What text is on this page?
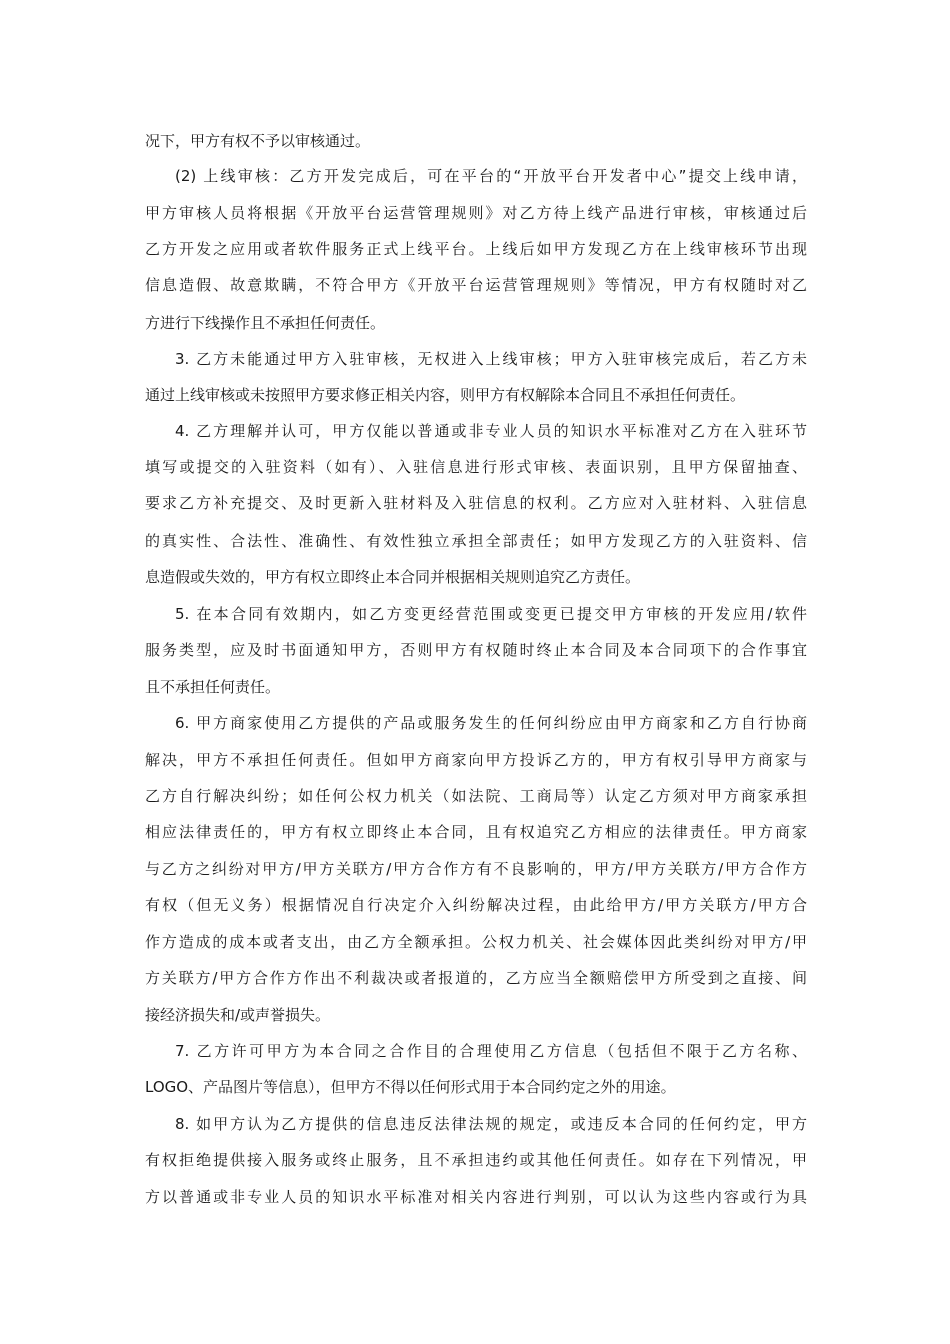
况下，甲方有权不予以审核通过。
(2) 上线审核：乙方开发完成后，可在平台的“开放平台开发者中心”提交上线申请，
甲方审核人员将根据《开放平台运营管理规则》对乙方待上线产品进行审核，审核通过后
乙方开发之应用或者软件服务正式上线平台。上线后如甲方发现乙方在上线审核环节出现
信息造假、故意欺瞒，不符合甲方《开放平台运营管理规则》等情况，甲方有权随时对乙
方进行下线操作且不承担任何责任。
3. 乙方未能通过甲方入驻审核，无权进入上线审核；甲方入驻审核完成后，若乙方未
通过上线审核或未按照甲方要求修正相关内容，则甲方有权解除本合同且不承担任何责任。
4. 乙方理解并认可，甲方仅能以普通或非专业人员的知识水平标准对乙方在入驻环节
填写或提交的入驻资料（如有）、入驻信息进行形式审核、表面识别，且甲方保留抽查、
要求乙方补充提交、及时更新入驻材料及入驻信息的权利。乙方应对入驻材料、入驻信息
的真实性、合法性、准确性、有效性独立承担全部责任；如甲方发现乙方的入驻资料、信
息造假或失效的，甲方有权立即终止本合同并根据相关规则追究乙方责任。
5. 在本合同有效期内，如乙方变更经营范围或变更已提交甲方审核的开发应用/软件
服务类型，应及时书面通知甲方，否则甲方有权随时终止本合同及本合同项下的合作事宜
且不承担任何责任。
6. 甲方商家使用乙方提供的产品或服务发生的任何纠纷应由甲方商家和乙方自行协商
解决，甲方不承担任何责任。但如甲方商家向甲方投诉乙方的，甲方有权引导甲方商家与
乙方自行解决纠纷；如任何公权力机关（如法院、工商局等）认定乙方须对甲方商家承担
相应法律责任的，甲方有权立即终止本合同，且有权追究乙方相应的法律责任。甲方商家
与乙方之纠纷对甲方/甲方关联方/甲方合作方有不良影响的，甲方/甲方关联方/甲方合作方
有权（但无义务）根据情况自行决定介入纠纷解决过程，由此给甲方/甲方关联方/甲方合
作方造成的成本或者支出，由乙方全额承担。公权力机关、社会媒体因此类纠纷对甲方/甲
方关联方/甲方合作方作出不利裁决或者报道的，乙方应当全额赔偿甲方所受到之直接、间
接经济损失和/或声誉损失。
7. 乙方许可甲方为本合同之合作目的合理使用乙方信息（包括但不限于乙方名称、
LOGO、产品图片等信息），但甲方不得以任何形式用于本合同约定之外的用途。
8. 如甲方认为乙方提供的信息违反法律法规的规定，或违反本合同的任何约定，甲方
有权拒绝提供接入服务或终止服务，且不承担违约或其他任何责任。如存在下列情况，甲
方以普通或非专业人员的知识水平标准对相关内容进行判别，可以认为这些内容或行为具
